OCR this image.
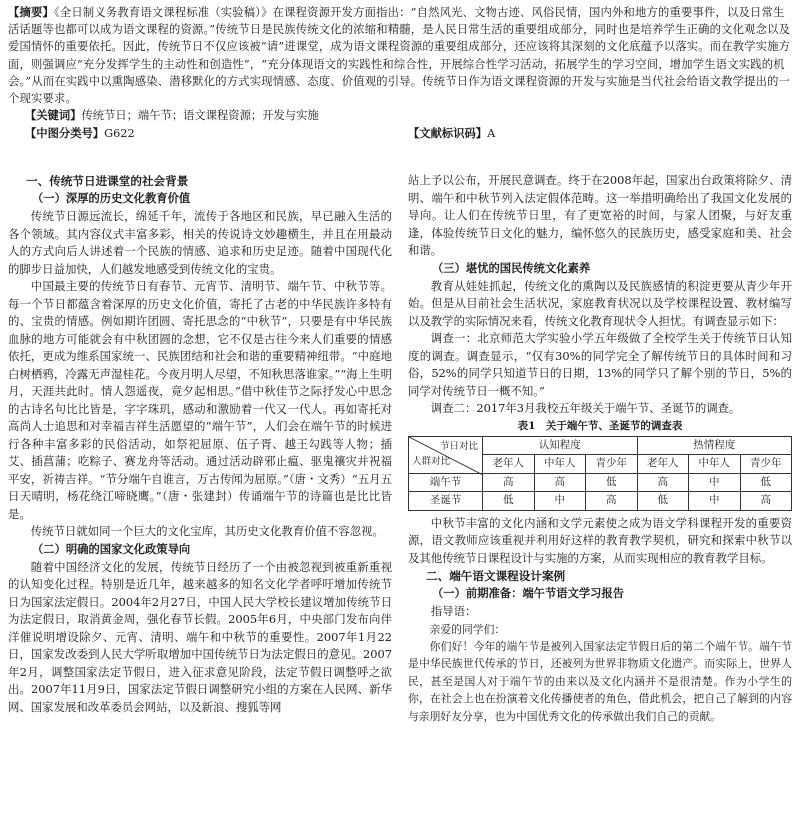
【摘要】《全日制义务教育语文课程标准（实验稿）》在课程资源开发方面指出：“自然风光、文物古迹、风俗民情，国内外和地方的重要事件，以及日常生活话题等也都可以成为语文课程的资源。”传统节日是民族传统文化的浓缩和精髓，是人民日常生活的重要组成部分，同时也是培养学生正确的文化观念以及爱国情怀的重要依托。因此，传统节日不仅应该被“请”进课堂，成为语文课程资源的重要组成部分，还应该将其深刻的文化底蕴予以落实。而在教学实施方面，则强调应“充分发挥学生的主动性和创造性”，“充分体现语文的实践性和综合性，开展综合性学习活动，拓展学生的学习空间，增加学生语文实践的机会。”从而在实践中以熏陶感染、潜移默化的方式实现情感、态度、价值观的引导。传统节日作为语文课程资源的开发与实施是当代社会给语文教学提出的一个现实要求。
【关键词】传统节日；端午节；语文课程资源；开发与实施
【中图分类号】G622	【文献标识码】A
一、传统节日进课堂的社会背景
（一）深厚的历史文化教育价值

传统节日源远流长，绵延千年，流传于各地区和民族，早已融入生活的各个领域。其内容仪式丰富多彩，相关的传说诗文妙趣横生，并且在用最动人的方式向后人讲述着一个民族的情感、追求和历史足迹。随着中国现代化的脚步日益加快，人们越发地感受到传统文化的宝贵。

中国最主要的传统节日有春节、元宵节、清明节、端午节、中秋节等。每一个节日都蕴含着深厚的历史文化价值，寄托了古老的中华民族许多特有的、宝贵的情感。例如期许团圆、寄托思念的“中秋节”，只要是有中华民族血脉的地方可能就会有中秋团圆的念想，它不仅是古往今来人们重要的情感依托，更成为维系国家统一、民族团结和社会和谐的重要精神纽带。“中庭地白树栖鸦，冷露无声湿桂花。今夜月明人尽望，不知秋思落谁家。”“海上生明月，天涯共此时。情人怨遥夜，竟夕起相思。”借中秋佳节之际抒发心中思念的古诗名句比比皆是，字字珠玑，感动和激励着一代又一代人。再如寄托对高尚人士追思和对幸福吉祥生活愿望的“端午节”，人们会在端午节的时候进行各种丰富多彩的民俗活动，如祭祀屈原、伍子胥、越王勾践等人物；插艾、插菖蒲；吃粽子、赛龙舟等活动。通过活动辟邪止瘟、驱鬼禳灾并祝福平安，祈祷吉祥。“节分端午自谁言，万古传闻为屈原。”（唐・文秀）“五月五日天晴明，杨花绕江啼晓鹰。”（唐・张建封）传诵端午节的诗篇也是比比皆是。

传统节日就如同一个巨大的文化宝库，其历史文化教育价值不容忽视。

（二）明确的国家文化政策导向

随着中国经济文化的发展，传统节日经历了一个由被忽视到被重新重视的认知变化过程。特别是近几年，越来越多的知名文化学者呼吁增加传统节日为国家法定假日。2004年2月27日，中国人民大学校长建议增加传统节日为法定假日，取消黄金周，强化春节长假。2005年6月，中央部门发布向伴洋催说明增设除夕、元宵、清明、端午和中秋节的重要性。2007年1月22日，国家发改委到人民大学听取增加中国传统节日为法定假日的意见。2007年2月，调整国家法定节假日，进入征求意见阶段，法定节假日调整呼之欲出。2007年11月9日，国家法定节假日调整研究小组的方案在人民网、新华网、国家发展和改革委员会网站，以及新浪、搜狐等网

站上予以公布，开展民意调查。终于在2008年起，国家出台政策将除夕、清明、端午和中秋节列入法定假体范畴。这一举措明确给出了我国文化发展的导向。让人们在传统节日里，有了更宽裕的时间，与家人团聚，与好友重逢，体验传统节日文化的魅力，编怀悠久的民族历史，感受家庭和美、社会和谐。

（三）堪忧的国民传统文化素养

教育从娃娃抓起，传统文化的熏陶以及民族感情的积淀更要从青少年开始。但是从目前社会生活状况，家庭教育状况以及学校课程设置、教材编写以及教学的实际情况来看，传统文化教育现状令人担忧。有调查显示如下：

调查一：北京师范大学实验小学五年级做了全校学生关于传统节日认知度的调查。调查显示，“仅有30%的同学完全了解传统节日的具体时间和习俗，52%的同学只知道节日的日期，13%的同学只了解个别的节日，5%的同学对传统节日一概不知。”

调查二：2017年3月我校五年级关于端午节、圣诞节的调查。

表1　关于端午节、圣诞节的调查表
节日对比
人群对比	认知程度			热情程度		
	老年人	中年人	青少年	老年人	中年人	青少年
端午节	高	高	低	高	中	低
圣诞节	低	中	高	低	中	高

中秋节丰富的文化内涵和文学元素使之成为语文学科课程开发的重要资源，语文教师应该重视并利用好这样的教育教学契机，研究和探索中秋节以及其他传统节日课程设计与实施的方案，从而实现相应的教育教学目标。

二、端午语文课程设计案例
（一）前期准备：端午节语文学习报告

指导语：

亲爱的同学们：

你们好！今年的端午节是被列入国家法定节假日后的第二个端午节。端午节是中华民族世代传承的节日，还被列为世界非物质文化遗产。而实际上，世界人民，甚至是国人对于端午节的由来以及文化内涵并不是很清楚。作为小学生的你，在社会上也在扮演着文化传播使者的角色，借此机会，把自己了解到的内容与亲朋好友分享，也为中国优秀文化的传承做出我们自己的贡献。
